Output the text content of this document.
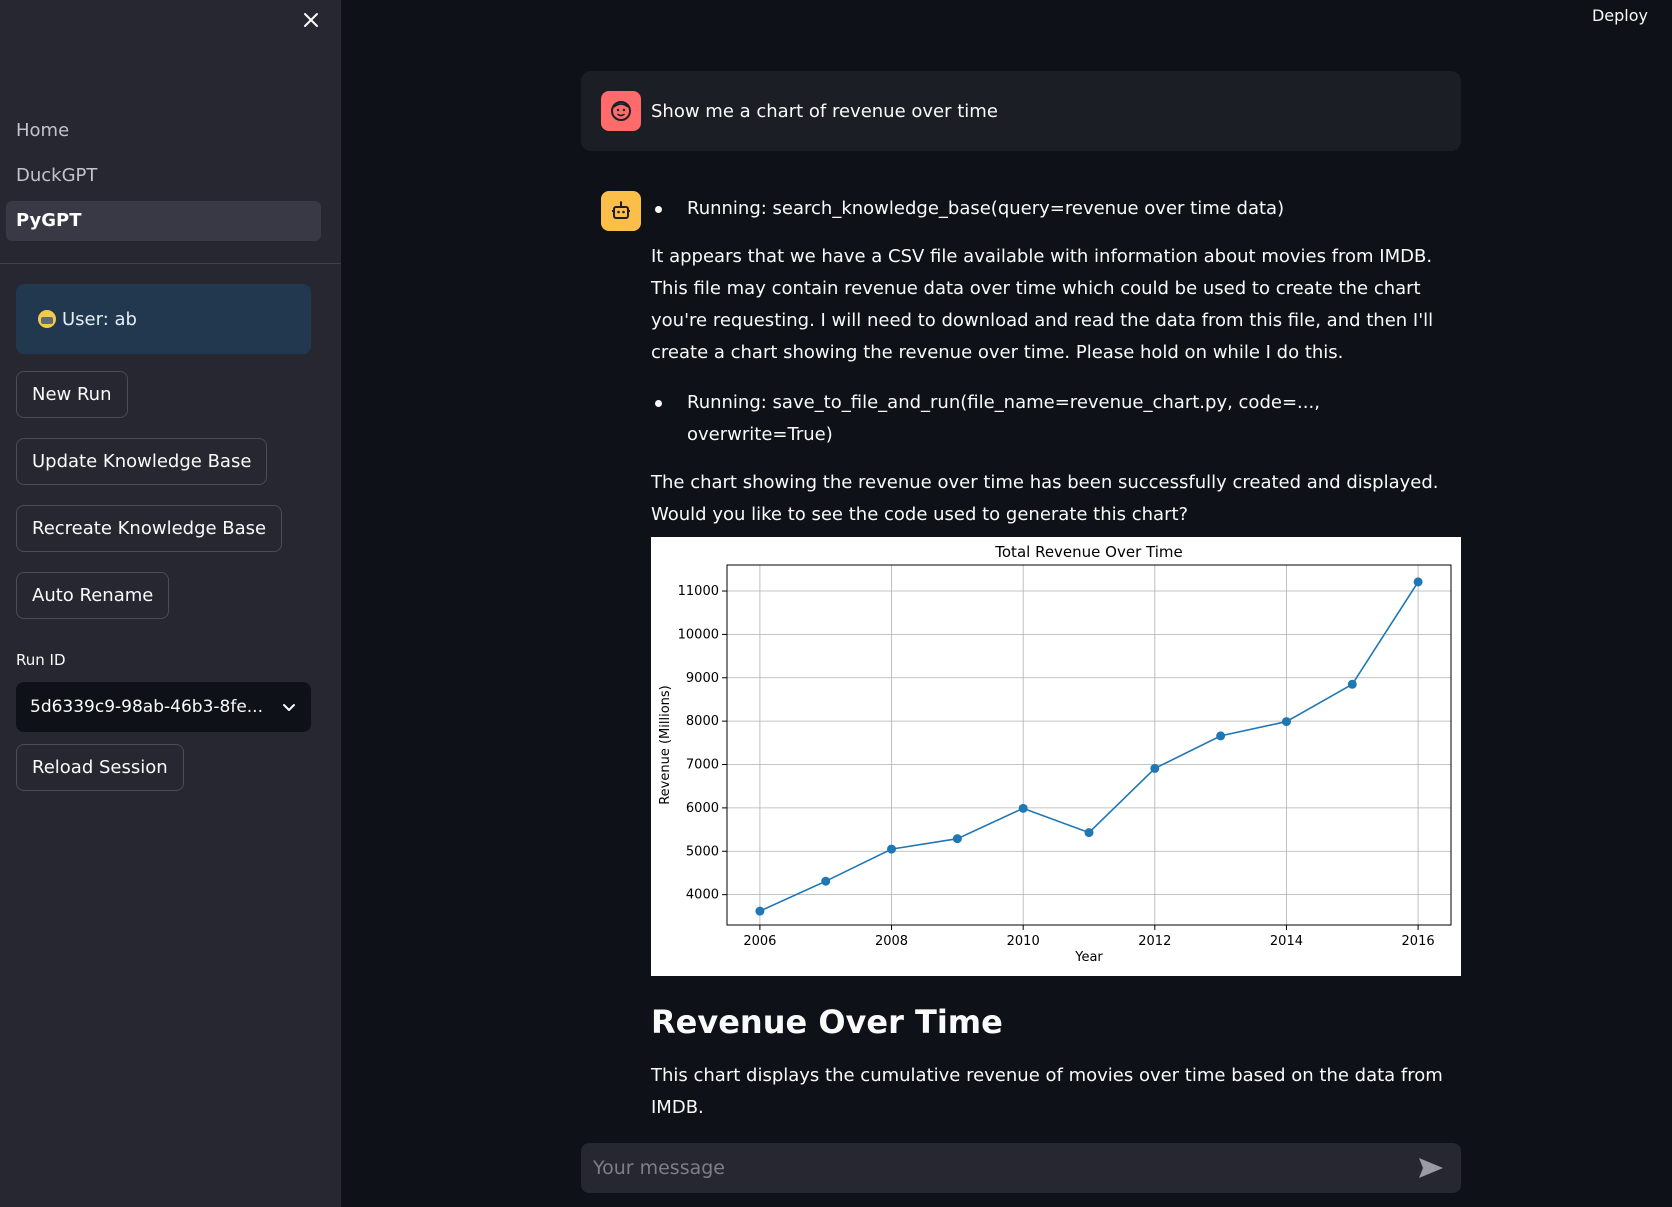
Home
DuckGPT
PyGPT
User: ab
New Run
Update Knowledge Base
Recreate Knowledge Base
Auto Rename
Run ID
5d6339c9-98ab-46b3-8fe...
Reload Session
Deploy
Show me a chart of revenue over time
Running: search_knowledge_base(query=revenue over time data)

It appears that we have a CSV file available with information about movies from IMDB. This file may contain revenue data over time which could be used to create the chart you're requesting. I will need to download and read the data from this file, and then I'll create a chart showing the revenue over time. Please hold on while I do this.

Running: save_to_file_and_run(file_name=revenue_chart.py, code=..., overwrite=True)

The chart showing the revenue over time has been successfully created and displayed. Would you like to see the code used to generate this chart?

2006	2008	2010	2012	2014	2016
4000
5000
6000
7000
8000
9000
10000
11000
Total Revenue Over Time
Year
Revenue (Millions)
Revenue Over Time

This chart displays the cumulative revenue of movies over time based on the data from IMDB.

Your message
